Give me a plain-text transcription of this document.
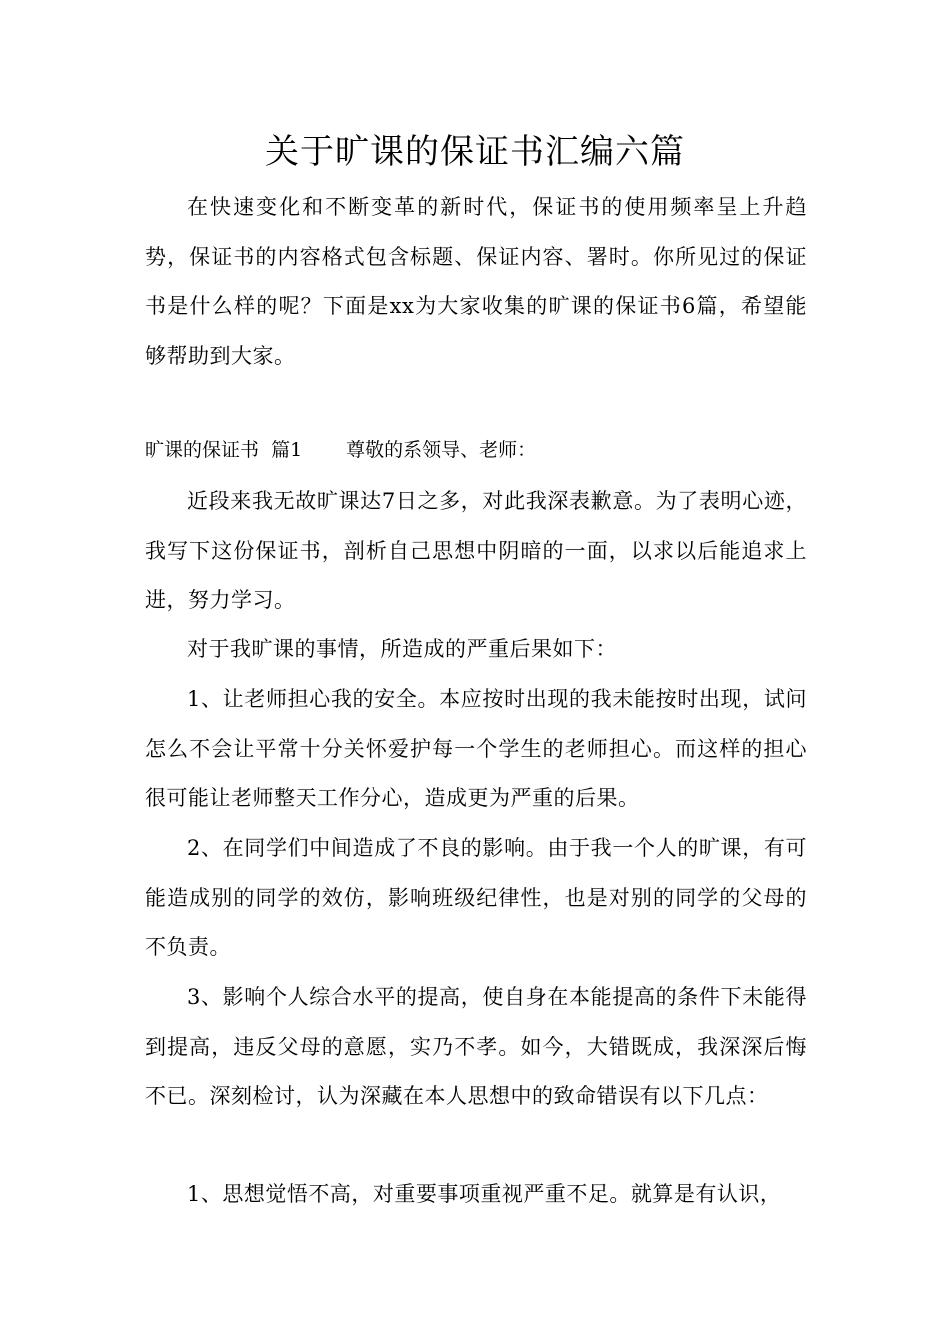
关于旷课的保证书汇编六篇

在快速变化和不断变革的新时代，保证书的使用频率呈上升趋势，保证书的内容格式包含标题、保证内容、署时。你所见过的保证书是什么样的呢？下面是xx为大家收集的旷课的保证书6篇，希望能够帮助到大家。

旷课的保证书  篇1 尊敬的系领导、老师：

近段来我无故旷课达7日之多，对此我深表歉意。为了表明心迹，我写下这份保证书，剖析自己思想中阴暗的一面，以求以后能追求上进，努力学习。

对于我旷课的事情，所造成的严重后果如下：

1、让老师担心我的安全。本应按时出现的我未能按时出现，试问怎么不会让平常十分关怀爱护每一个学生的老师担心。而这样的担心很可能让老师整天工作分心，造成更为严重的后果。

2、在同学们中间造成了不良的影响。由于我一个人的旷课，有可能造成别的同学的效仿，影响班级纪律性，也是对别的同学的父母的不负责。

3、影响个人综合水平的提高，使自身在本能提高的条件下未能得到提高，违反父母的意愿，实乃不孝。如今，大错既成，我深深后悔不已。深刻检讨，认为深藏在本人思想中的致命错误有以下几点：

1、思想觉悟不高，对重要事项重视严重不足。就算是有认识，
